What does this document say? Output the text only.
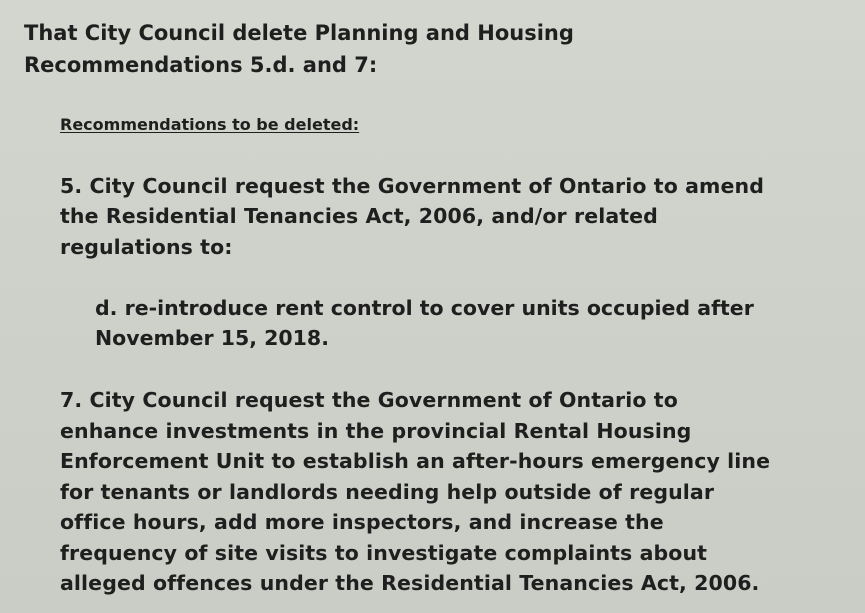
That City Council delete Planning and Housing

Recommendations 5.d. and 7:

Recommendations to be deleted:

5. City Council request the Government of Ontario to amend

the Residential Tenancies Act, 2006, and/or related

regulations to:

d. re-introduce rent control to cover units occupied after

November 15, 2018.

7. City Council request the Government of Ontario to

enhance investments in the provincial Rental Housing

Enforcement Unit to establish an after-hours emergency line

for tenants or landlords needing help outside of regular

office hours, add more inspectors, and increase the

frequency of site visits to investigate complaints about

alleged offences under the Residential Tenancies Act, 2006.
